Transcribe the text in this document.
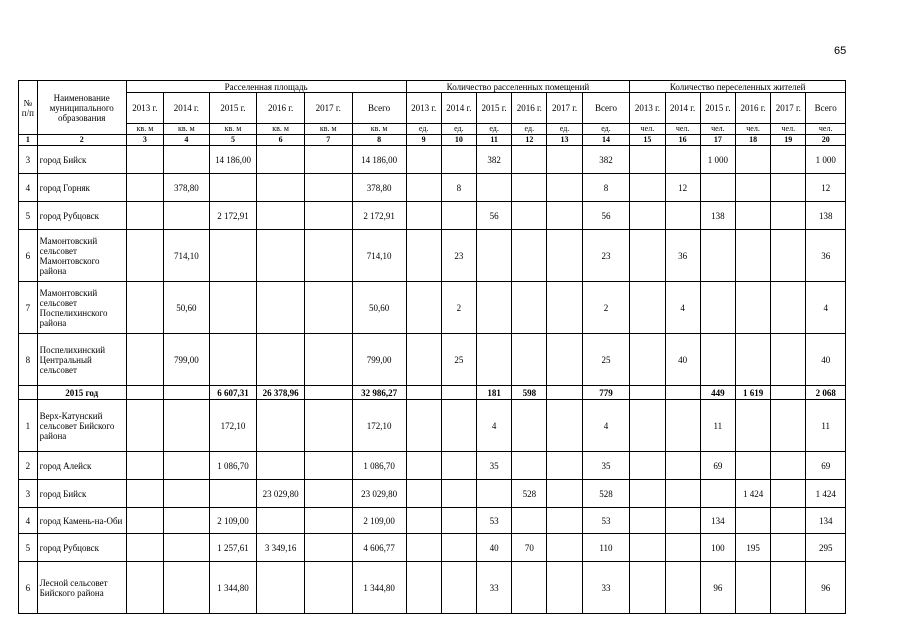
65
№ п/п	Наименование муниципального образования	Расселенная площадь						Количество расселенных помещений						Количество переселенных жителей					
		2013 г.	2014 г.	2015 г.	2016 г.	2017 г.	Всего	2013 г.	2014 г.	2015 г.	2016 г.	2017 г.	Всего	2013 г.	2014 г.	2015 г.	2016 г.	2017 г.	Всего
		кв. м	кв. м	кв. м	кв. м	кв. м	кв. м	ед.	ед.	ед.	ед.	ед.	ед.	чел.	чел.	чел.	чел.	чел.	чел.
1	2	3	4	5	6	7	8	9	10	11	12	13	14	15	16	17	18	19	20
3	город Бийск			14 186,00			14 186,00			382			382			1 000			1 000
4	город Горняк		378,80				378,80		8				8		12				12
5	город Рубцовск			2 172,91			2 172,91			56			56			138			138
6	Мамонтовский сельсовет Мамонтовского района		714,10				714,10		23				23		36				36
7	Мамонтовский сельсовет Поспелихинского района		50,60				50,60		2				2		4				4
8	Поспелихинский Центральный сельсовет		799,00				799,00		25				25		40				40
	2015 год			6 607,31	26 378,96		32 986,27			181	598		779			449	1 619		2 068
1	Верх-Катунский сельсовет Бийского района			172,10			172,10			4			4			11			11
2	город Алейск			1 086,70			1 086,70			35			35			69			69
3	город Бийск				23 029,80		23 029,80				528		528				1 424		1 424
4	город Камень-на-Оби			2 109,00			2 109,00			53			53			134			134
5	город Рубцовск			1 257,61	3 349,16		4 606,77			40	70		110			100	195		295
6	Лесной сельсовет Бийского района			1 344,80			1 344,80			33			33			96			96
